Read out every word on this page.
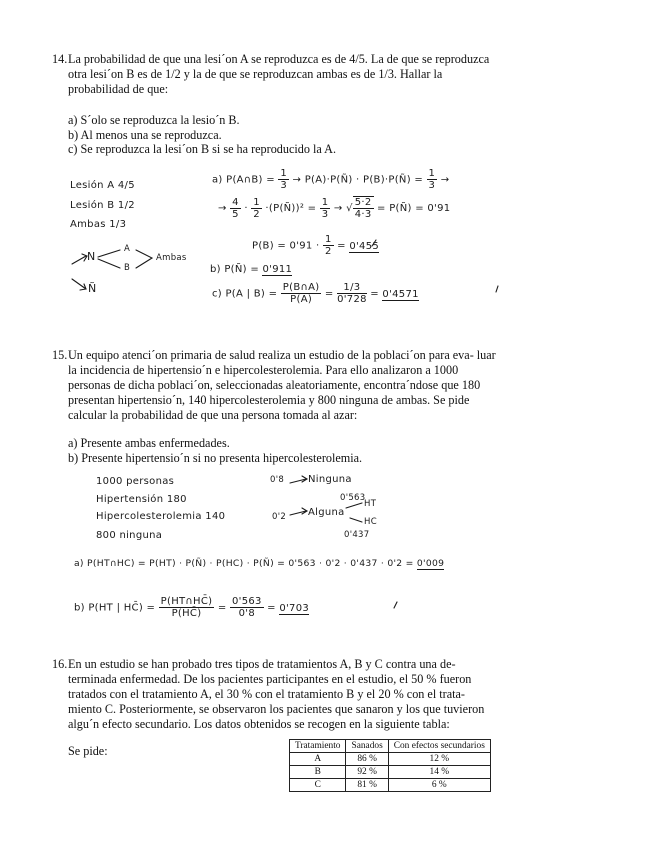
14. La probabilidad de que una lesi´on A se reproduzca es de 4/5. La de que se reproduzca
otra lesi´on B es de 1/2 y la de que se reproduzcan ambas es de 1/3. Hallar la
probabilidad de que:
a) S´olo se reproduzca la lesio´n B.
b) Al menos una se reproduzca.
c) Se reproduzca la lesi´on B si se ha reproducido la A.
Lesión A 4/5
Lesión B 1/2
Ambas 1/3
N
A
B
Ambas
Ñ
a) P(A∩B) = $\frac{1}{3}$ → P(A)·P(Ñ) · P(B)·P(Ñ) = $\frac{1}{3}$ →
→ $\frac{4}{5} \cdot \frac{1}{2}$ ·(P(Ñ))² = $\frac{1}{3}$ → √ $\frac{5\cdot 2}{4\cdot 3}$ = P(Ñ) = 0'91
$P(B) = 0'91 \cdot \frac{1}{2} = 0'455$
b) P(Ñ) = 0'911
c) P(A | $B) = \frac{P(B\cap A)}{P(A)} = \frac{1/3}{0'728} = 0'4571$
15. Un equipo atenci´on primaria de salud realiza un estudio de la poblaci´on para eva- luar
la incidencia de hipertensio´n e hipercolesterolemia. Para ello analizaron a 1000
personas de dicha poblaci´on, seleccionadas aleatoriamente, encontra´ndose que 180
presentan hipertensio´n, 140 hipercolesterolemia y 800 ninguna de ambas. Se pide
calcular la probabilidad de que una persona tomada al azar:
a) Presente ambas enfermedades.
b) Presente hipertensio´n si no presenta hipercolesterolemia.
1000 personas
Hipertensión 180
Hipercolesterolemia 140
800 ninguna
0'8 Ninguna
0'2 Alguna
0'563
HT
HC
0'437
a) P(HT∩HC) = P(HT) · P(Ñ) · P(HC) · P(Ñ) = 0'563 · 0'2 · 0'437 · 0'2 = 0'009
b) P(HT | HC̄) = $\frac{P(HT\cap HC̄)}{P(HC̄)} = \frac{0'563}{0'8} = 0'703$
16. En un estudio se han probado tres tipos de tratamientos A, B y C contra una de-
terminada enfermedad. De los pacientes participantes en el estudio, el 50 % fueron
tratados con el tratamiento A, el 30 % con el tratamiento B y el 20 % con el trata-
miento C. Posteriormente, se observaron los pacientes que sanaron y los que tuvieron
algu´n efecto secundario. Los datos obtenidos se recogen en la siguiente tabla:
Se pide:	Tratamiento	Sanados	Con efectos secundarios
A	86 %	12 %
B	92 %	14 %
C	81 %	6 %
